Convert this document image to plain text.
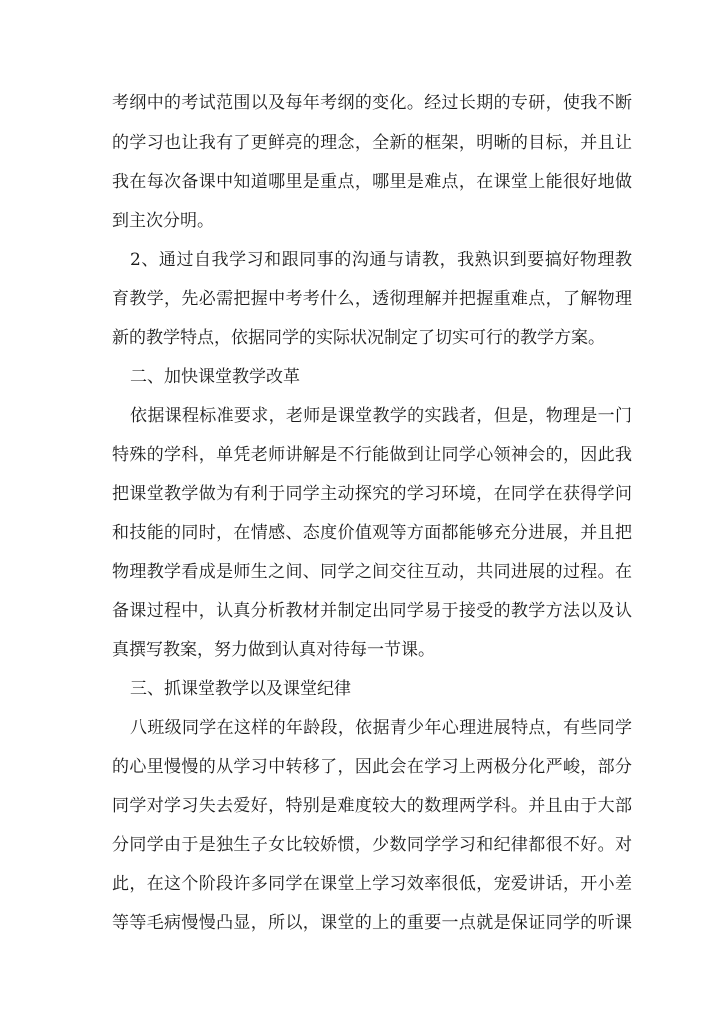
考纲中的考试范围以及每年考纲的变化。经过长期的专研，使我不断
的学习也让我有了更鲜亮的理念，全新的框架，明晰的目标，并且让
我在每次备课中知道哪里是重点，哪里是难点，在课堂上能很好地做
到主次分明。
2、通过自我学习和跟同事的沟通与请教，我熟识到要搞好物理教
育教学，先必需把握中考考什么，透彻理解并把握重难点，了解物理
新的教学特点，依据同学的实际状况制定了切实可行的教学方案。
二、加快课堂教学改革
依据课程标准要求，老师是课堂教学的实践者，但是，物理是一门
特殊的学科，单凭老师讲解是不行能做到让同学心领神会的，因此我
把课堂教学做为有利于同学主动探究的学习环境，在同学在获得学问
和技能的同时，在情感、态度价值观等方面都能够充分进展，并且把
物理教学看成是师生之间、同学之间交往互动，共同进展的过程。在
备课过程中，认真分析教材并制定出同学易于接受的教学方法以及认
真撰写教案，努力做到认真对待每一节课。
三、抓课堂教学以及课堂纪律
八班级同学在这样的年龄段，依据青少年心理进展特点，有些同学
的心里慢慢的从学习中转移了，因此会在学习上两极分化严峻，部分
同学对学习失去爱好，特别是难度较大的数理两学科。并且由于大部
分同学由于是独生子女比较娇惯，少数同学学习和纪律都很不好。对
此，在这个阶段许多同学在课堂上学习效率很低，宠爱讲话，开小差
等等毛病慢慢凸显，所以，课堂的上的重要一点就是保证同学的听课
